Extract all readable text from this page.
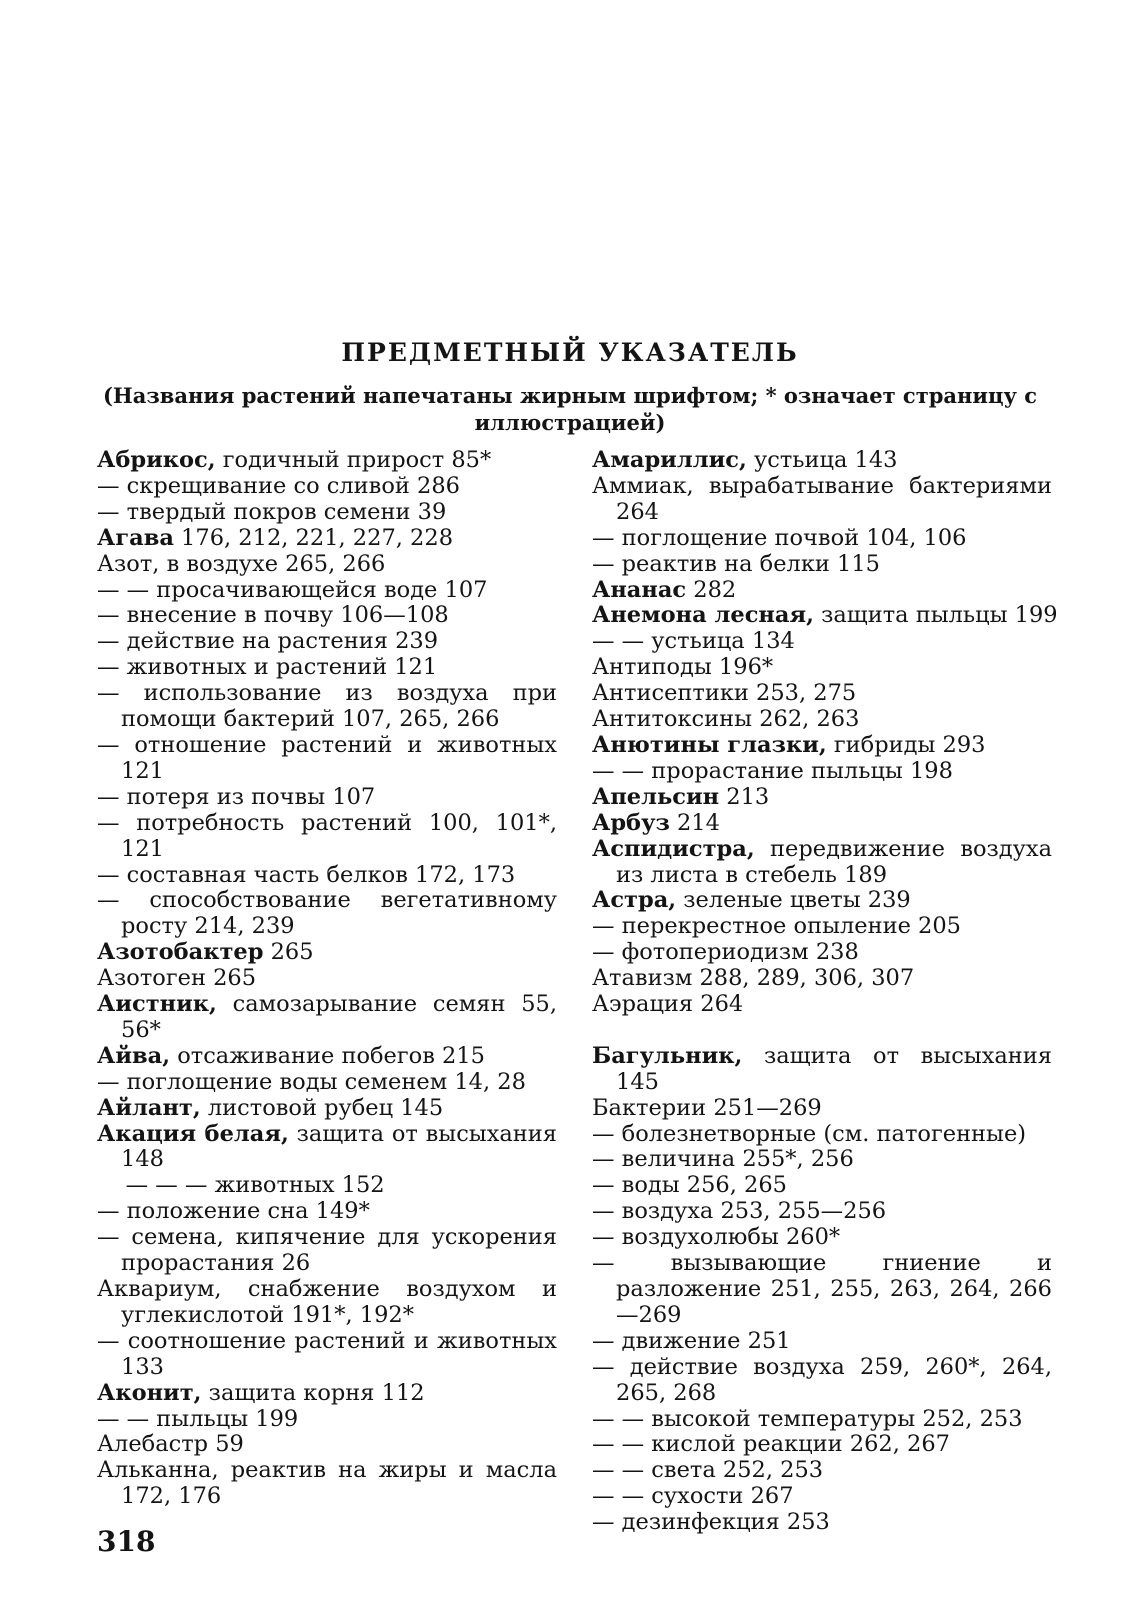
ПРЕДМЕТНЫЙ УКАЗАТЕЛЬ
(Названия растений напечатаны жирным шрифтом; * означает страницу с иллюстрацией)

Абрикос, годичный прирост 85*

— скрещивание со сливой 286

— твердый покров семени 39

Агава 176, 212, 221, 227, 228

Азот, в воздухе 265, 266

— — просачивающейся воде 107

— внесение в почву 106—108

— действие на растения 239

— животных и растений 121

— использование из воздуха при помощи бактерий 107, 265, 266

— отношение растений и животных 121

— потеря из почвы 107

— потребность растений 100, 101*, 121

— составная часть белков 172, 173

— способствование вегетативному росту 214, 239

Азотобактер 265

Азотоген 265

Аистник, самозарывание семян 55, 56*

Айва, отсаживание побегов 215

— поглощение воды семенем 14, 28

Айлант, листовой рубец 145

Акация белая, защита от высыхания 148

— — — животных 152

— положение сна 149*

— семена, кипячение для ускорения прорастания 26

Аквариум, снабжение воздухом и углекислотой 191*, 192*

— соотношение растений и животных 133

Аконит, защита корня 112

— — пыльцы 199

Алебастр 59

Альканна, реактив на жиры и масла 172, 176

Амариллис, устьица 143

Аммиак, вырабатывание бактериями 264

— поглощение почвой 104, 106

— реактив на белки 115

Ананас 282

Анемона лесная, защита пыльцы 199

— — устьица 134

Антиподы 196*

Антисептики 253, 275

Антитоксины 262, 263

Анютины глазки, гибриды 293

— — прорастание пыльцы 198

Апельсин 213

Арбуз 214

Аспидистра, передвижение воздуха из листа в стебель 189

Астра, зеленые цветы 239

— перекрестное опыление 205

— фотопериодизм 238

Атавизм 288, 289, 306, 307

Аэрация 264

Багульник, защита от высыхания 145

Бактерии 251—269

— болезнетворные (см. патогенные)

— величина 255*, 256

— воды 256, 265

— воздуха 253, 255—256

— воздухолюбы 260*

— вызывающие гниение и разложение 251, 255, 263, 264, 266—269

— движение 251

— действие воздуха 259, 260*, 264, 265, 268

— — высокой температуры 252, 253

— — кислой реакции 262, 267

— — света 252, 253

— — сухости 267

— дезинфекция 253

318
